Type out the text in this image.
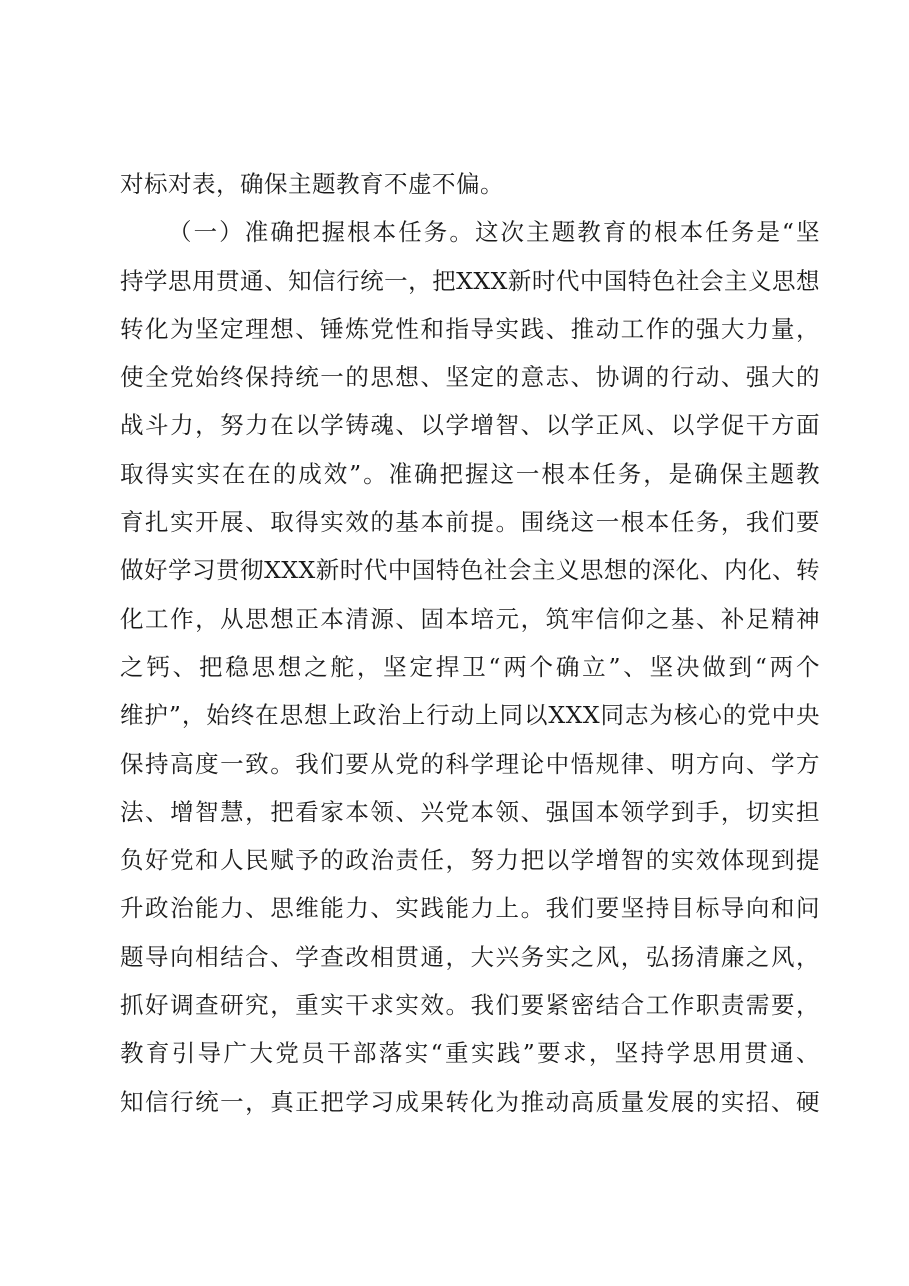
对标对表，确保主题教育不虚不偏。
（一）准确把握根本任务。这次主题教育的根本任务是“坚
持学思用贯通、知信行统一，把XXX新时代中国特色社会主义思想
转化为坚定理想、锤炼党性和指导实践、推动工作的强大力量，
使全党始终保持统一的思想、坚定的意志、协调的行动、强大的
战斗力，努力在以学铸魂、以学增智、以学正风、以学促干方面
取得实实在在的成效”。准确把握这一根本任务，是确保主题教
育扎实开展、取得实效的基本前提。围绕这一根本任务，我们要
做好学习贯彻XXX新时代中国特色社会主义思想的深化、内化、转
化工作，从思想正本清源、固本培元，筑牢信仰之基、补足精神
之钙、把稳思想之舵，坚定捍卫“两个确立”、坚决做到“两个
维护”，始终在思想上政治上行动上同以XXX同志为核心的党中央
保持高度一致。我们要从党的科学理论中悟规律、明方向、学方
法、增智慧，把看家本领、兴党本领、强国本领学到手，切实担
负好党和人民赋予的政治责任，努力把以学增智的实效体现到提
升政治能力、思维能力、实践能力上。我们要坚持目标导向和问
题导向相结合、学查改相贯通，大兴务实之风，弘扬清廉之风，
抓好调查研究，重实干求实效。我们要紧密结合工作职责需要，
教育引导广大党员干部落实“重实践”要求，坚持学思用贯通、
知信行统一，真正把学习成果转化为推动高质量发展的实招、硬
